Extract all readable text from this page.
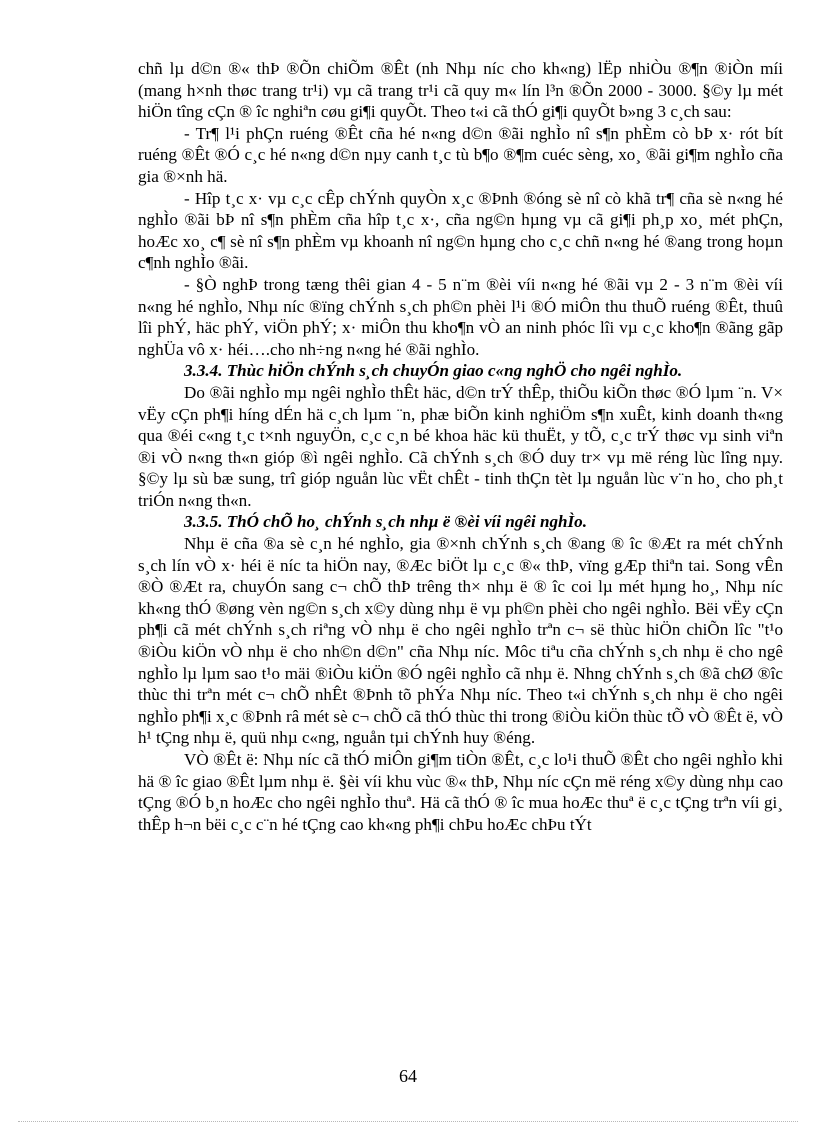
chñ lµ d©n ®« thÞ ®Õn chiÕm ®Êt (nh Nhµ níc cho kh«ng) lËp nhiÒu ®¶n ®iÒn míi (mang h×nh thøc trang tr¹i) vµ cã trang tr¹i cã quy m« lín l³n ®Õn 2000 - 3000. §©y lµ mét hiÖn tîng cÇn ® îc nghiªn cøu gi¶i quyÕt. Theo t«i cã thÓ gi¶i quyÕt b»ng 3 c¸ch sau:

- Tr¶ l¹i phÇn ruéng ®Êt cña hé n«ng d©n ®ãi nghÌo nî s¶n phÈm cò bÞ x· rót bít ruéng ®Êt ®Ó c¸c hé n«ng d©n nµy canh t¸c tù b¶o ®¶m cuéc sèng, xo¸ ®ãi gi¶m nghÌo cña gia ®×nh hä.

- Hîp t¸c x· vµ c¸c cÊp chÝnh quyÒn x¸c ®Þnh ®óng sè nî cò khã tr¶ cña sè n«ng hé nghÌo ®ãi bÞ nî s¶n phÈm cña hîp t¸c x·, cña ng©n hµng vµ cã gi¶i ph¸p xo¸ mét phÇn, hoÆc xo¸ c¶ sè nî s¶n phÈm vµ khoanh nî ng©n hµng cho c¸c chñ n«ng hé ®ang trong hoµn c¶nh nghÌo ®ãi.

- §Ò nghÞ trong tæng thêi gian 4 - 5 n¨m ®èi víi n«ng hé ®ãi vµ 2 - 3 n¨m ®èi víi n«ng hé nghÌo, Nhµ níc ®ïng chÝnh s¸ch ph©n phèi l¹i ®Ó miÔn thu thuÕ ruéng ®Êt, thuû lîi phÝ, häc phÝ, viÖn phÝ; x· miÔn thu kho¶n vÒ an ninh phóc lîi vµ c¸c kho¶n ®ãng gãp nghÜa vô x· héi….cho nh÷ng n«ng hé ®ãi nghÌo.

3.3.4. Thùc hiÖn chÝnh s¸ch chuyÓn giao c«ng nghÖ cho ngêi nghÌo.

Do ®ãi nghÌo mµ ngêi nghÌo thÊt häc, d©n trÝ thÊp, thiÕu kiÕn thøc ®Ó lµm ¨n. V× vËy cÇn ph¶i híng dÉn hä c¸ch lµm ¨n, phæ biÕn kinh nghiÖm s¶n xuÊt, kinh doanh th«ng qua ®éi c«ng t¸c t×nh nguyÖn, c¸c c¸n bé khoa häc kü thuËt, y tÕ, c¸c trÝ thøc vµ sinh viªn ®i vÒ n«ng th«n gióp ®ì ngêi nghÌo. Cã chÝnh s¸ch ®Ó duy tr× vµ më réng lùc lîng nµy. §©y lµ sù bæ sung, trî gióp nguån lùc vËt chÊt - tinh thÇn tèt lµ nguån lùc v¨n ho¸ cho ph¸t triÓn n«ng th«n.

3.3.5. ThÓ chÕ ho¸ chÝnh s¸ch nhµ ë ®èi víi ngêi nghÌo.

Nhµ ë cña ®a sè c¸n hé nghÌo, gia ®×nh chÝnh s¸ch ®ang ® îc ®Æt ra mét chÝnh s¸ch lín vÒ x· héi ë níc ta hiÖn nay, ®Æc biÖt lµ c¸c ®« thÞ, vïng gÆp thiªn tai. Song vÊn ®Ò ®Æt ra, chuyÓn sang c¬ chÕ thÞ trêng th× nhµ ë ® îc coi lµ mét hµng ho¸, Nhµ níc kh«ng thÓ ®øng vèn ng©n s¸ch x©y dùng nhµ ë vµ ph©n phèi cho ngêi nghÌo. Bëi vËy cÇn ph¶i cã mét chÝnh s¸ch riªng vÒ nhµ ë cho ngêi nghÌo trªn c¬ së thùc hiÖn chiÕn lîc "t¹o ®iÒu kiÖn vÒ nhµ ë cho nh©n d©n" cña Nhµ níc. Môc tiªu cña chÝnh s¸ch nhµ ë cho ngê nghÌo lµ lµm sao t¹o mäi ®iÒu kiÖn ®Ó ngêi nghÌo cã nhµ ë. Nhng chÝnh s¸ch ®ã chØ ®îc thùc thi trªn mét c¬ chÕ nhÊt ®Þnh tõ phÝa Nhµ níc. Theo t«i chÝnh s¸ch nhµ ë cho ngêi nghÌo ph¶i x¸c ®Þnh râ mét sè c¬ chÕ cã thÓ thùc thi trong ®iÒu kiÖn thùc tÕ vÒ ®Êt ë, vÒ h¹ tÇng nhµ ë, quü nhµ c«ng, nguån tµi chÝnh huy ®éng.

VÒ ®Êt ë: Nhµ níc cã thÓ miÔn gi¶m tiÒn ®Êt, c¸c lo¹i thuÕ ®Êt cho ngêi nghÌo khi hä ® îc giao ®Êt lµm nhµ ë. §èi víi khu vùc ®« thÞ, Nhµ níc cÇn më réng x©y dùng nhµ cao tÇng ®Ó b¸n hoÆc cho ngêi nghÌo thuª. Hä cã thÓ ® îc mua hoÆc thuª ë c¸c tÇng trªn víi gi¸ thÊp h¬n bëi c¸c c¨n hé tÇng cao kh«ng ph¶i chÞu hoÆc chÞu tÝt

64
